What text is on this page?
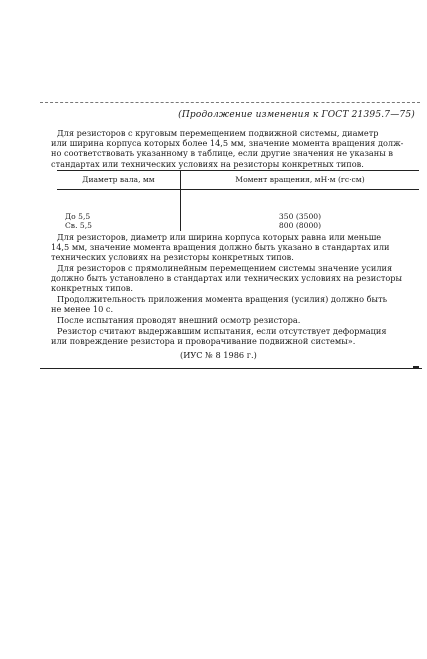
(Продолжение изменения к ГОСТ 21395.7—75)
Для резисторов с круговым перемещением подвижной системы, диаметр
или ширина корпуса которых более 14,5 мм, значение момента вращения долж-
но соответствовать указанному в таблице, если другие значения не указаны в
стандартах или технических условиях на резисторы конкретных типов.
Диаметр вала, мм	Момент вращения, мН·м (гс·см)

До 5,5	350 (3500)
Св. 5,5	800 (8000)
Для резисторов, диаметр или ширина корпуса которых равна или меньше
14,5 мм, значение момента вращения должно быть указано в стандартах или
технических условиях на резисторы конкретных типов.
Для резисторов с прямолинейным перемещением системы значение усилия
должно быть установлено в стандартах или технических условиях на резисторы
конкретных типов.
Продолжительность приложения момента вращения (усилия) должно быть
не менее 10 с.
После испытания проводят внешний осмотр резистора.
Резистор считают выдержавшим испытания, если отсутствует деформация
или повреждение резистора и проворачивание подвижной системы».
(ИУС № 8 1986 г.)
